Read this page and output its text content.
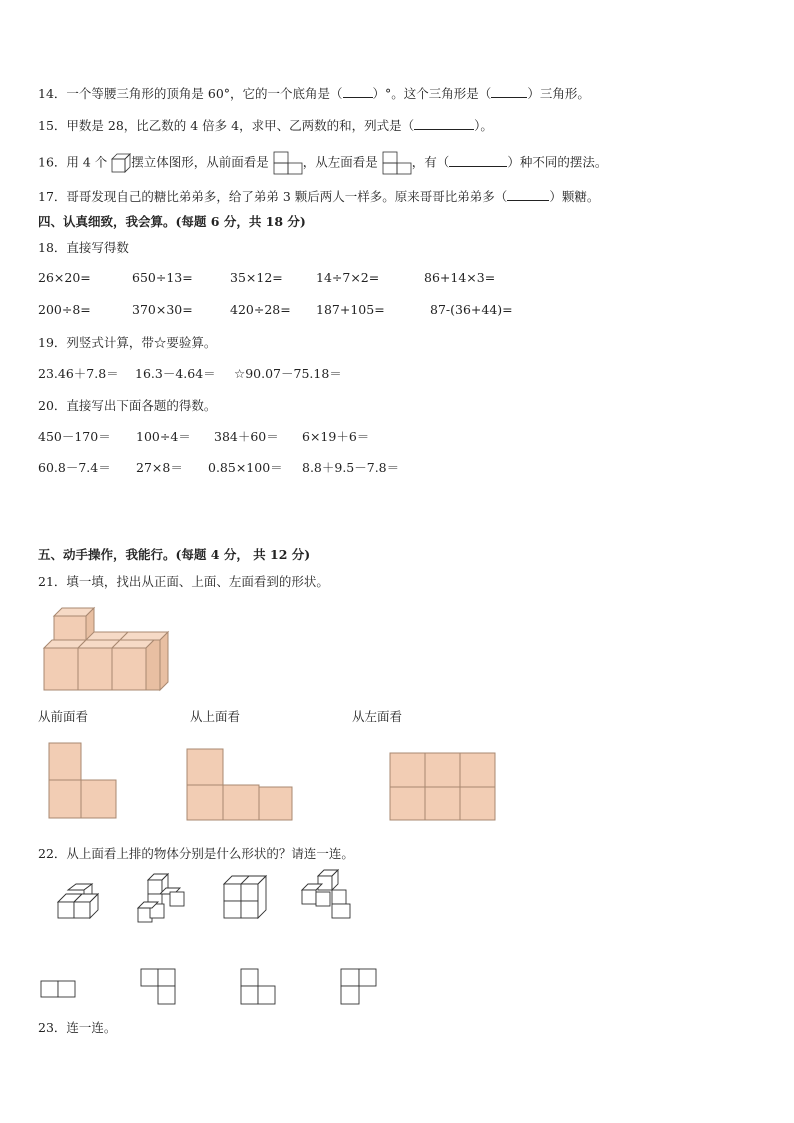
14．一个等腰三角形的顶角是 60°，它的一个底角是（ ）°。这个三角形是（	）三角形。
15．甲数是 28，比乙数的 4 倍多 4，求甲、乙两数的和，列式是（	）。
16．用 4 个 摆立体图形，从前面看是	，从左面看是	，有（	）种不同的摆法。
17．哥哥发现自己的糖比弟弟多，给了弟弟 3 颗后两人一样多。原来哥哥比弟弟多（	）颗糖。
四、认真细致，我会算。(每题 6 分，共 18 分)
18．直接写得数
26×20=	650÷13=	35×12=	14÷7×2=	86+14×3=
200÷8=	370×30=	420÷28= 187+105=	87-(36+44)=
19．列竖式计算，带☆要验算。
23.46＋7.8＝ 16.3－4.64＝ ☆90.07－75.18＝
20．直接写出下面各题的得数。
450－170＝ 100÷4＝ 384＋60＝ 6×19＋6＝
60.8－7.4＝ 27×8＝ 0.85×100＝ 8.8＋9.5－7.8＝
五、动手操作，我能行。(每题 4 分， 共 12 分)
21．填一填，找出从正面、上面、左面看到的形状。
从前面看	从上面看	从左面看
22．从上面看上排的物体分别是什么形状的？请连一连。
23．连一连。
